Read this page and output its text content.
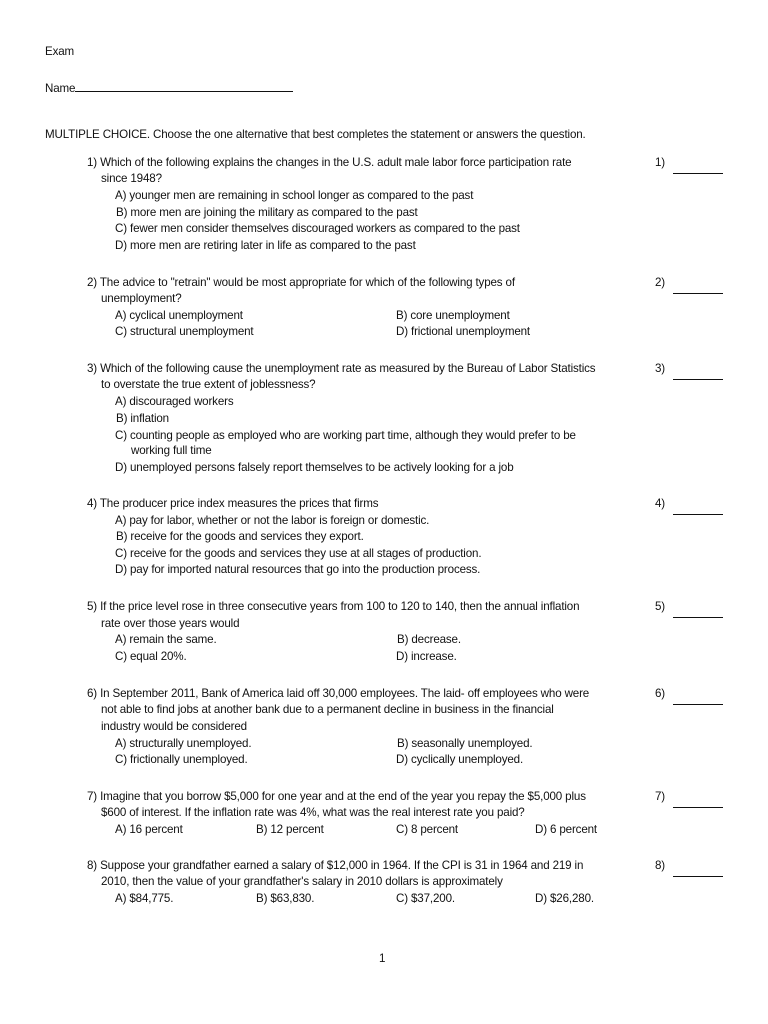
Exam
Name
MULTIPLE CHOICE. Choose the one alternative that best completes the statement or answers the question.
1) Which of the following explains the changes in the U.S. adult male labor force participation rate
since 1948?
A) younger men are remaining in school longer as compared to the past
B) more men are joining the military as compared to the past
C) fewer men consider themselves discouraged workers as compared to the past
D) more men are retiring later in life as compared to the past
1)
2) The advice to "retrain" would be most appropriate for which of the following types of
unemployment?
A) cyclical unemployment	B) core unemployment
C) structural unemployment	D) frictional unemployment
2)
3) Which of the following cause the unemployment rate as measured by the Bureau of Labor Statistics
to overstate the true extent of joblessness?
A) discouraged workers
B) inflation
C) counting people as employed who are working part time, although they would prefer to be
working full time
D) unemployed persons falsely report themselves to be actively looking for a job
3)
4) The producer price index measures the prices that firms
A) pay for labor, whether or not the labor is foreign or domestic.
B) receive for the goods and services they export.
C) receive for the goods and services they use at all stages of production.
D) pay for imported natural resources that go into the production process.
4)
5) If the price level rose in three consecutive years from 100 to 120 to 140, then the annual inflation
rate over those years would
A) remain the same.	B) decrease.
C) equal 20%.	D) increase.
5)
6) In September 2011, Bank of America laid off 30,000 employees. The laid- off employees who were
not able to find jobs at another bank due to a permanent decline in business in the financial
industry would be considered
A) structurally unemployed.	B) seasonally unemployed.
C) frictionally unemployed.	D) cyclically unemployed.
6)
7) Imagine that you borrow $5,000 for one year and at the end of the year you repay the $5,000 plus
$600 of interest. If the inflation rate was 4%, what was the real interest rate you paid?
A) 16 percent	B) 12 percent	C) 8 percent	D) 6 percent
7)
8) Suppose your grandfather earned a salary of $12,000 in 1964. If the CPI is 31 in 1964 and 219 in
2010, then the value of your grandfather's salary in 2010 dollars is approximately
A) $84,775.	B) $63,830.	C) $37,200.	D) $26,280.
8)
1
